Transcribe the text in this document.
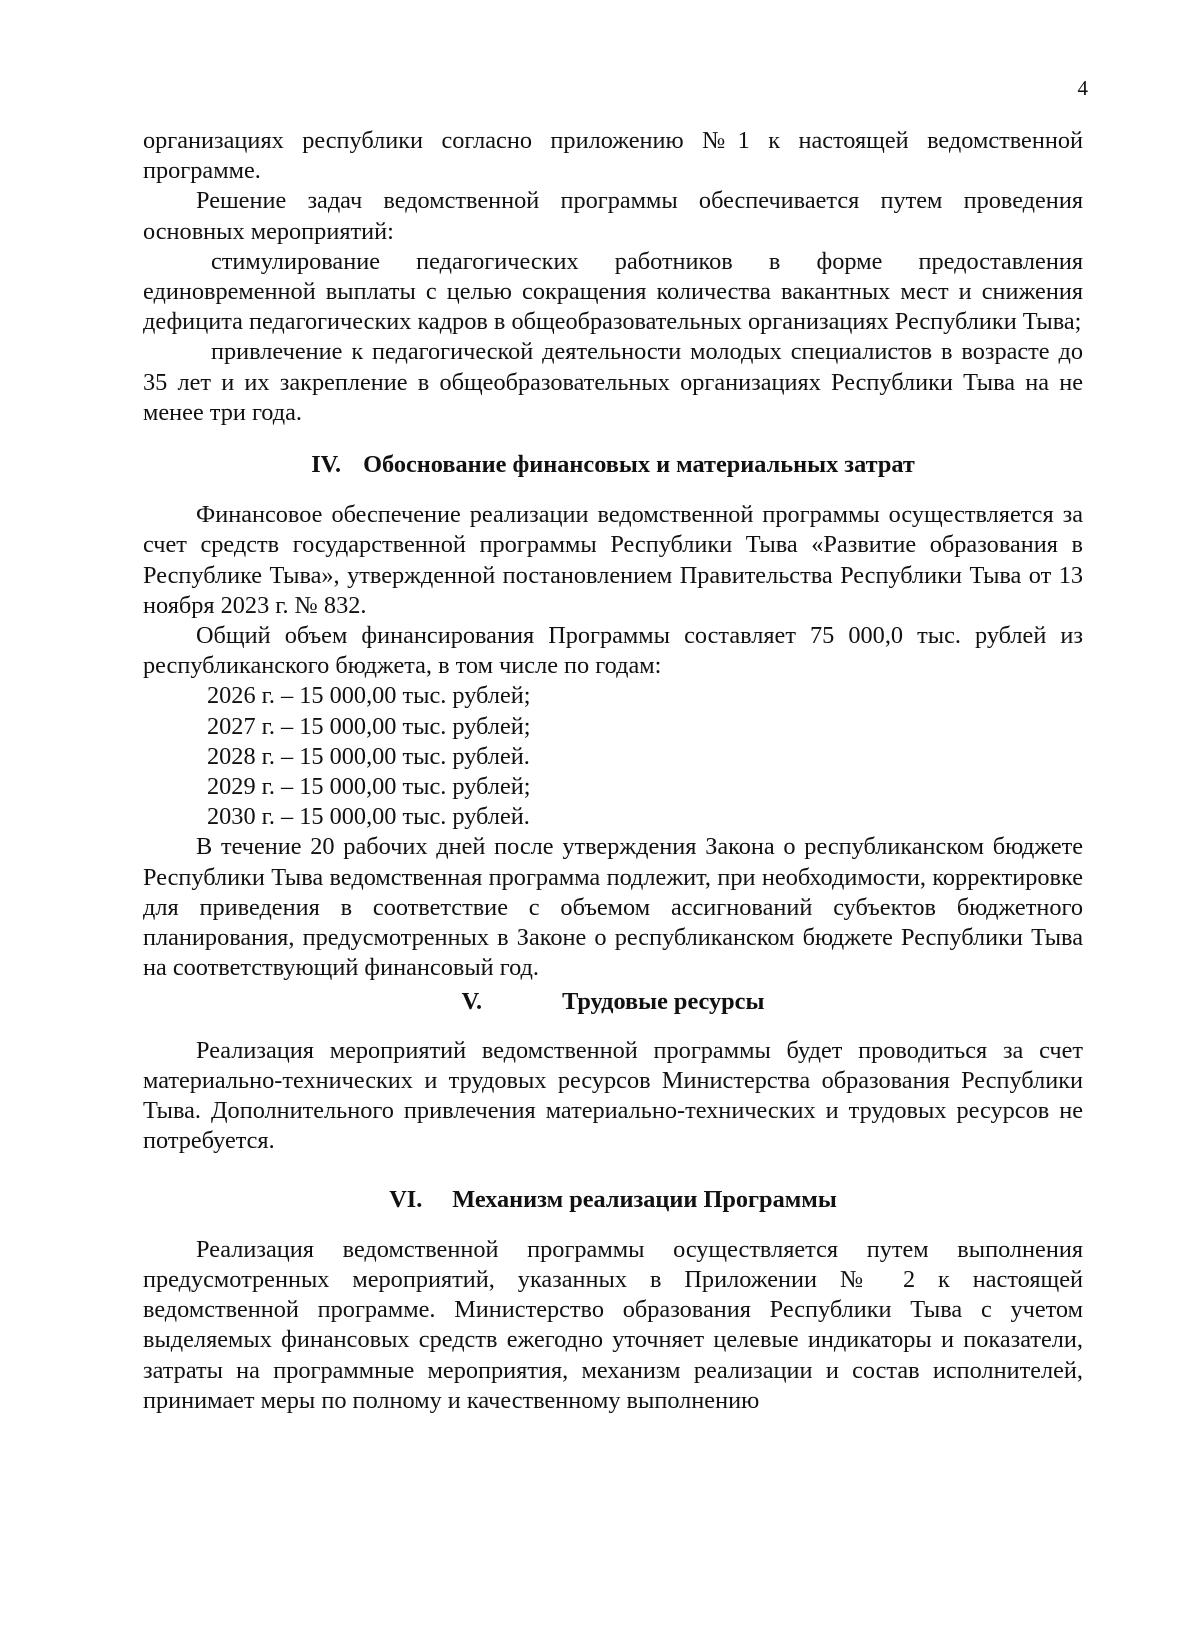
4

организациях республики согласно приложению №1 к настоящей ведомственной программе.

Решение задач ведомственной программы обеспечивается путем проведения основных мероприятий:

стимулирование педагогических работников в форме предоставления единовременной выплаты с целью сокращения количества вакантных мест и снижения дефицита педагогических кадров в общеобразовательных организациях Республики Тыва;

привлечение к педагогической деятельности молодых специалистов в возрасте до 35 лет и их закрепление в общеобразовательных организациях Республики Тыва на не менее три года.

IV. Обоснование финансовых и материальных затрат

Финансовое обеспечение реализации ведомственной программы осуществляется за счет средств государственной программы Республики Тыва «Развитие образования в Республике Тыва», утвержденной постановлением Правительства Республики Тыва от 13 ноября 2023 г. № 832.

Общий объем финансирования Программы составляет 75 000,0 тыс. рублей из республиканского бюджета, в том числе по годам:

2026 г. – 15 000,00 тыс. рублей;
2027 г. – 15 000,00 тыс. рублей;
2028 г. – 15 000,00 тыс. рублей.
2029 г. – 15 000,00 тыс. рублей;
2030 г. – 15 000,00 тыс. рублей.

В течение 20 рабочих дней после утверждения Закона о республиканском бюджете Республики Тыва ведомственная программа подлежит, при необходимости, корректировке для приведения в соответствие с объемом ассигнований субъектов бюджетного планирования, предусмотренных в Законе о республиканском бюджете Республики Тыва на соответствующий финансовый год.

V.	Трудовые ресурсы

Реализация мероприятий ведомственной программы будет проводиться за счет материально-технических и трудовых ресурсов Министерства образования Республики Тыва. Дополнительного привлечения материально-технических и трудовых ресурсов не потребуется.

VI. Механизм реализации Программы

Реализация ведомственной программы осуществляется путем выполнения предусмотренных мероприятий, указанных в Приложении № 2 к настоящей ведомственной программе. Министерство образования Республики Тыва с учетом выделяемых финансовых средств ежегодно уточняет целевые индикаторы и показатели, затраты на программные мероприятия, механизм реализации и состав исполнителей, принимает меры по полному и качественному выполнению
